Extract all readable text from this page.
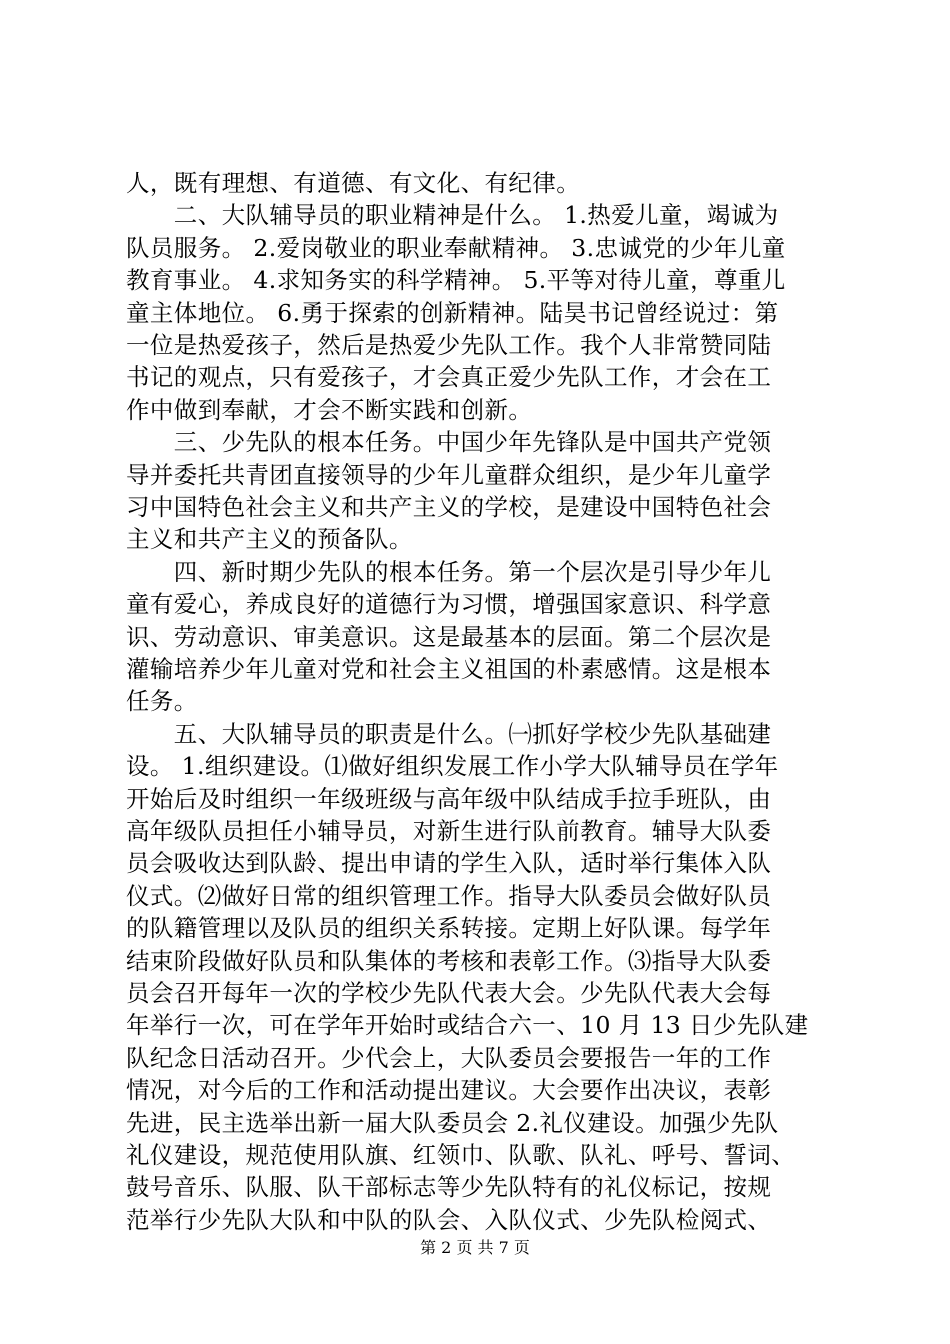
人，既有理想、有道德、有文化、有纪律。
　　二、大队辅导员的职业精神是什么。 1.热爱儿童，竭诚为
队员服务。 2.爱岗敬业的职业奉献精神。 3.忠诚党的少年儿童
教育事业。 4.求知务实的科学精神。 5.平等对待儿童，尊重儿
童主体地位。 6.勇于探索的创新精神。陆昊书记曾经说过：第
一位是热爱孩子，然后是热爱少先队工作。我个人非常赞同陆
书记的观点，只有爱孩子，才会真正爱少先队工作，才会在工
作中做到奉献，才会不断实践和创新。
　　三、少先队的根本任务。中国少年先锋队是中国共产党领
导并委托共青团直接领导的少年儿童群众组织，是少年儿童学
习中国特色社会主义和共产主义的学校，是建设中国特色社会
主义和共产主义的预备队。
　　四、新时期少先队的根本任务。第一个层次是引导少年儿
童有爱心，养成良好的道德行为习惯，增强国家意识、科学意
识、劳动意识、审美意识。这是最基本的层面。第二个层次是
灌输培养少年儿童对党和社会主义祖国的朴素感情。这是根本
任务。
　　五、大队辅导员的职责是什么。㈠抓好学校少先队基础建
设。 1.组织建设。⑴做好组织发展工作小学大队辅导员在学年
开始后及时组织一年级班级与高年级中队结成手拉手班队，由
高年级队员担任小辅导员，对新生进行队前教育。辅导大队委
员会吸收达到队龄、提出申请的学生入队，适时举行集体入队
仪式。⑵做好日常的组织管理工作。指导大队委员会做好队员
的队籍管理以及队员的组织关系转接。定期上好队课。每学年
结束阶段做好队员和队集体的考核和表彰工作。⑶指导大队委
员会召开每年一次的学校少先队代表大会。少先队代表大会每
年举行一次，可在学年开始时或结合六一、10 月 13 日少先队建
队纪念日活动召开。少代会上，大队委员会要报告一年的工作
情况，对今后的工作和活动提出建议。大会要作出决议，表彰
先进，民主选举出新一届大队委员会 2.礼仪建设。加强少先队
礼仪建设，规范使用队旗、红领巾、队歌、队礼、呼号、誓词、
鼓号音乐、队服、队干部标志等少先队特有的礼仪标记，按规
范举行少先队大队和中队的队会、入队仪式、少先队检阅式、
第 2 页 共 7 页
